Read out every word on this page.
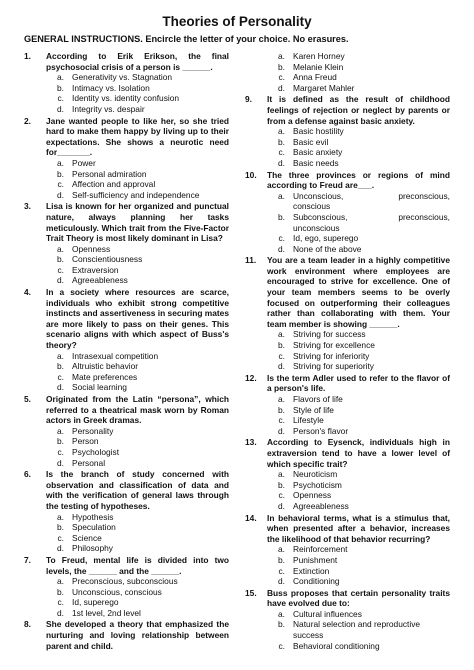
Theories of Personality
GENERAL INSTRUCTIONS. Encircle the letter of your choice. No erasures.
1.	According to Erik Erikson, the final psychosocial crisis of a person is ______.
a. Generativity vs. Stagnation
b. Intimacy vs. Isolation
c. Identity vs. identity confusion
d. Integrity vs. despair
2.	Jane wanted people to like her, so she tried hard to make them happy by living up to their expectations. She shows a neurotic need for_______.
a. Power
b. Personal admiration
c. Affection and approval
d. Self-sufficiency and independence
3.	Lisa is known for her organized and punctual nature, always planning her tasks meticulously. Which trait from the Five-Factor Trait Theory is most likely dominant in Lisa?
a. Openness
b. Conscientiousness
c. Extraversion
d. Agreeableness
4.	In a society where resources are scarce, individuals who exhibit strong competitive instincts and assertiveness in securing mates are more likely to pass on their genes. This scenario aligns with which aspect of Buss's theory?
a. Intrasexual competition
b. Altruistic behavior
c. Mate preferences
d. Social learning
5.	Originated from the Latin “persona”, which referred to a theatrical mask worn by Roman actors in Greek dramas.
a. Personality
b. Person
c. Psychologist
d. Personal
6.	Is the branch of study concerned with observation and classification of data and with the verification of general laws through the testing of hypotheses.
a. Hypothesis
b. Speculation
c. Science
d. Philosophy
7.	To Freud, mental life is divided into two levels, the ______ and the ______.
a. Preconscious, subconscious
b. Unconscious, conscious
c. Id, superego
d. 1st level, 2nd level
8.	She developed a theory that emphasized the nurturing and loving relationship between parent and child.
a. Karen Horney
b. Melanie Klein
c. Anna Freud
d. Margaret Mahler
9.	It is defined as the result of childhood feelings of rejection or neglect by parents or from a defense against basic anxiety.
a. Basic hostility
b. Basic evil
c. Basic anxiety
d. Basic needs
10.	The three provinces or regions of mind according to Freud are___.
a. Unconscious,	preconscious,
conscious
b. Subconscious,	preconscious,
unconscious
c. Id, ego, superego
d. None of the above
11.	You are a team leader in a highly competitive work environment where employees are encouraged to strive for excellence. One of your team members seems to be overly focused on outperforming their colleagues rather than collaborating with them. Your team member is showing ______.
a. Striving for success
b. Striving for excellence
c. Striving for inferiority
d. Striving for superiority
12.	Is the term Adler used to refer to the flavor of a person's life.
a. Flavors of life
b. Style of life
c. Lifestyle
d. Person's flavor
13.	According to Eysenck, individuals high in extraversion tend to have a lower level of which specific trait?
a. Neuroticism
b. Psychoticism
c. Openness
d. Agreeableness
14.	In behavioral terms, what is a stimulus that, when presented after a behavior, increases the likelihood of that behavior recurring?
a. Reinforcement
b. Punishment
c. Extinction
d. Conditioning
15.	Buss proposes that certain personality traits have evolved due to:
a. Cultural influences
b. Natural selection and reproductive success
c. Behavioral conditioning
